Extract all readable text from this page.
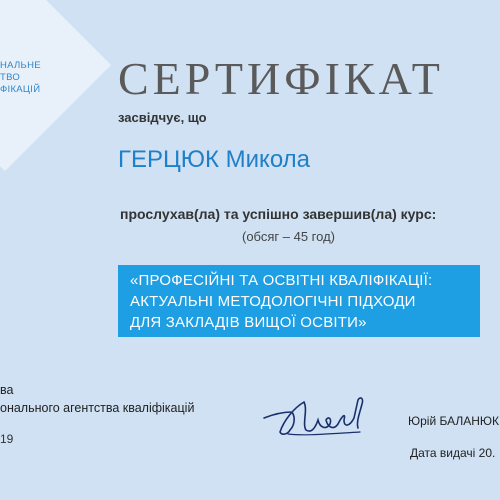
НАЛЬНЕ
ТВО
ФІКАЦІЙ СЕРТИФІКАТ
засвідчує, що
ГЕРЦЮК Микола
прослухав(ла) та успішно завершив(ла) курс:
(обсяг – 45 год)
«ПРОФЕСІЙНІ ТА ОСВІТНІ КВАЛІФІКАЦІЇ:
АКТУАЛЬНІ МЕТОДОЛОГІЧНІ ПІДХОДИ
ДЛЯ ЗАКЛАДІВ ВИЩОЇ ОСВІТИ»
ва
онального агентства кваліфікацій
Юрій БАЛАНЮК
19
Дата видачі 20.
